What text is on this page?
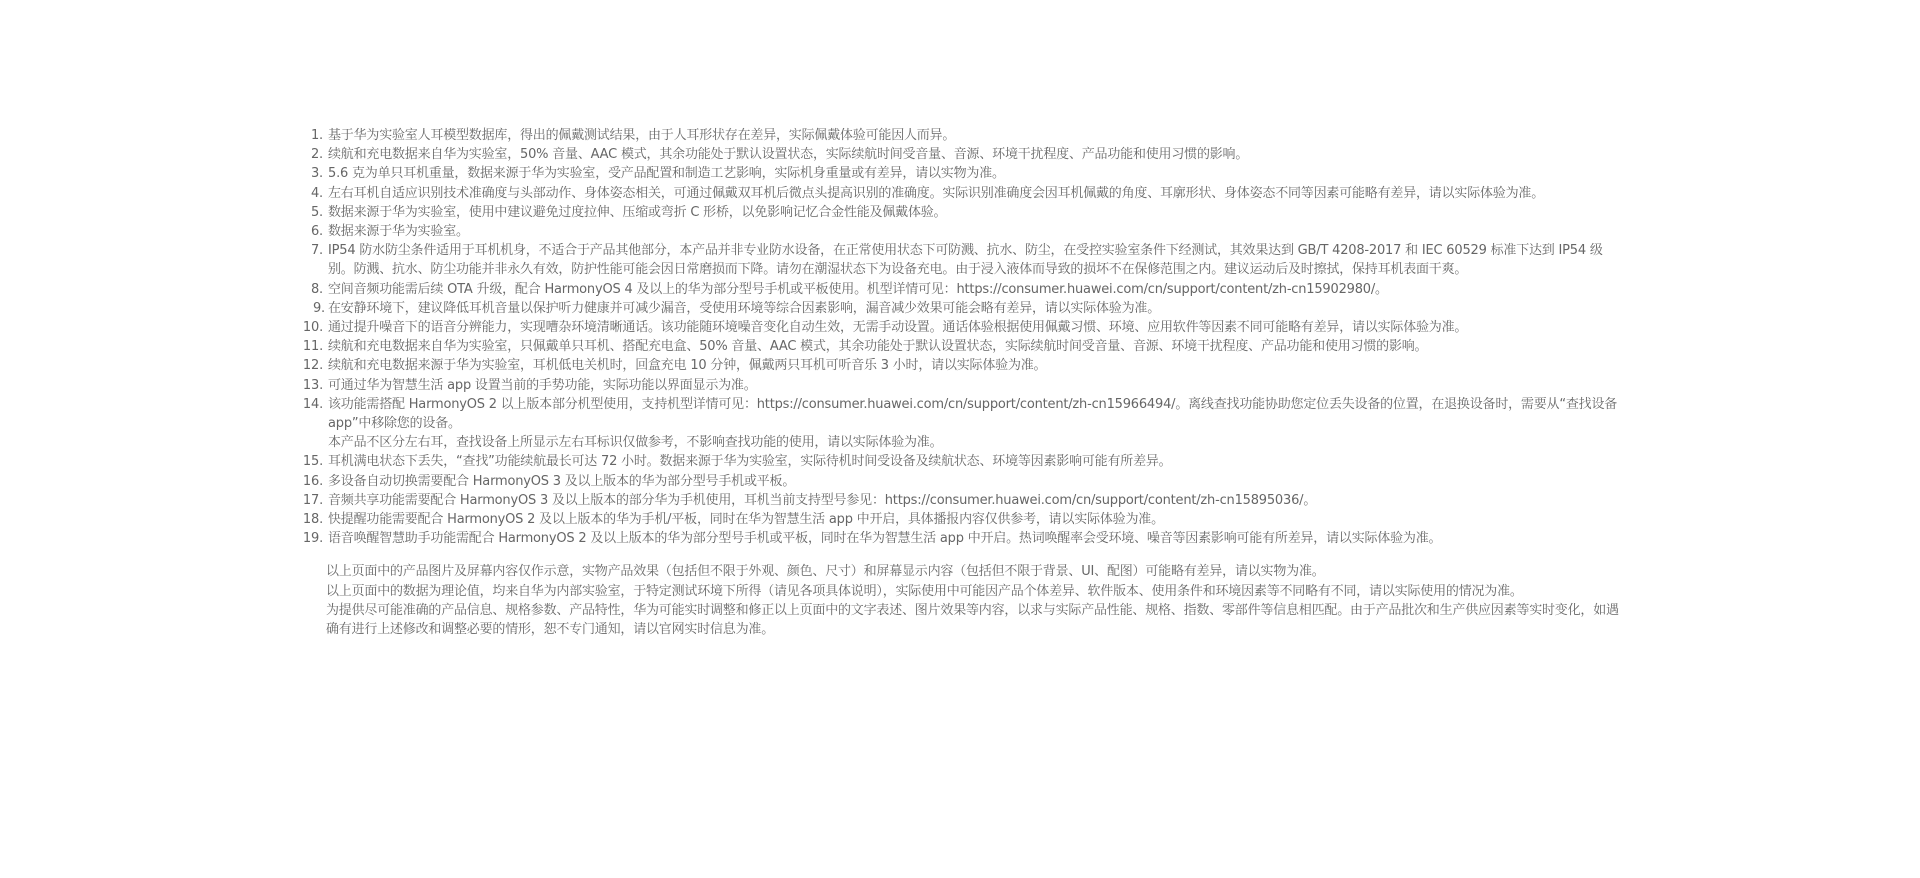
1. 基于华为实验室人耳模型数据库，得出的佩戴测试结果，由于人耳形状存在差异，实际佩戴体验可能因人而异。
2. 续航和充电数据来自华为实验室，50% 音量、AAC 模式，其余功能处于默认设置状态，实际续航时间受音量、音源、环境干扰程度、产品功能和使用习惯的影响。
3. 5.6 克为单只耳机重量，数据来源于华为实验室，受产品配置和制造工艺影响，实际机身重量或有差异，请以实物为准。
4. 左右耳机自适应识别技术准确度与头部动作、身体姿态相关，可通过佩戴双耳机后微点头提高识别的准确度。实际识别准确度会因耳机佩戴的角度、耳廓形状、身体姿态不同等因素可能略有差异，请以实际体验为准。
5. 数据来源于华为实验室，使用中建议避免过度拉伸、压缩或弯折 C 形桥，以免影响记忆合金性能及佩戴体验。
6. 数据来源于华为实验室。
7. IP54 防水防尘条件适用于耳机机身，不适合于产品其他部分，本产品并非专业防水设备，在正常使用状态下可防溅、抗水、防尘，在受控实验室条件下经测试，其效果达到 GB/T 4208-2017 和 IEC 60529 标准下达到 IP54 级别。防溅、抗水、防尘功能并非永久有效，防护性能可能会因日常磨损而下降。请勿在潮湿状态下为设备充电。由于浸入液体而导致的损坏不在保修范围之内。建议运动后及时擦拭，保持耳机表面干爽。
8. 空间音频功能需后续 OTA 升级，配合 HarmonyOS 4 及以上的华为部分型号手机或平板使用。机型详情可见：https://consumer.huawei.com/cn/support/content/zh-cn15902980/。
9. 在安静环境下，建议降低耳机音量以保护听力健康并可减少漏音，受使用环境等综合因素影响，漏音减少效果可能会略有差异，请以实际体验为准。
10. 通过提升噪音下的语音分辨能力，实现嘈杂环境清晰通话。该功能随环境噪音变化自动生效，无需手动设置。通话体验根据使用佩戴习惯、环境、应用软件等因素不同可能略有差异，请以实际体验为准。
11. 续航和充电数据来自华为实验室，只佩戴单只耳机、搭配充电盒、50% 音量、AAC 模式，其余功能处于默认设置状态，实际续航时间受音量、音源、环境干扰程度、产品功能和使用习惯的影响。
12. 续航和充电数据来源于华为实验室，耳机低电关机时，回盒充电 10 分钟，佩戴两只耳机可听音乐 3 小时，请以实际体验为准。
13. 可通过华为智慧生活 app 设置当前的手势功能，实际功能以界面显示为准。
14. 该功能需搭配 HarmonyOS 2 以上版本部分机型使用，支持机型详情可见：https://consumer.huawei.com/cn/support/content/zh-cn15966494/。离线查找功能协助您定位丢失设备的位置，在退换设备时，需要从“查找设备 app”中移除您的设备。
本产品不区分左右耳，查找设备上所显示左右耳标识仅做参考，不影响查找功能的使用，请以实际体验为准。
15. 耳机满电状态下丢失，“查找”功能续航最长可达 72 小时。数据来源于华为实验室，实际待机时间受设备及续航状态、环境等因素影响可能有所差异。
16. 多设备自动切换需要配合 HarmonyOS 3 及以上版本的华为部分型号手机或平板。
17. 音频共享功能需要配合 HarmonyOS 3 及以上版本的部分华为手机使用，耳机当前支持型号参见：https://consumer.huawei.com/cn/support/content/zh-cn15895036/。
18. 快提醒功能需要配合 HarmonyOS 2 及以上版本的华为手机/平板，同时在华为智慧生活 app 中开启，具体播报内容仅供参考，请以实际体验为准。
19. 语音唤醒智慧助手功能需配合 HarmonyOS 2 及以上版本的华为部分型号手机或平板，同时在华为智慧生活 app 中开启。热词唤醒率会受环境、噪音等因素影响可能有所差异，请以实际体验为准。

以上页面中的产品图片及屏幕内容仅作示意，实物产品效果（包括但不限于外观、颜色、尺寸）和屏幕显示内容（包括但不限于背景、UI、配图）可能略有差异，请以实物为准。

以上页面中的数据为理论值，均来自华为内部实验室，于特定测试环境下所得（请见各项具体说明），实际使用中可能因产品个体差异、软件版本、使用条件和环境因素等不同略有不同，请以实际使用的情况为准。

为提供尽可能准确的产品信息、规格参数、产品特性，华为可能实时调整和修正以上页面中的文字表述、图片效果等内容，以求与实际产品性能、规格、指数、零部件等信息相匹配。由于产品批次和生产供应因素等实时变化，如遇确有进行上述修改和调整必要的情形，恕不专门通知，请以官网实时信息为准。
